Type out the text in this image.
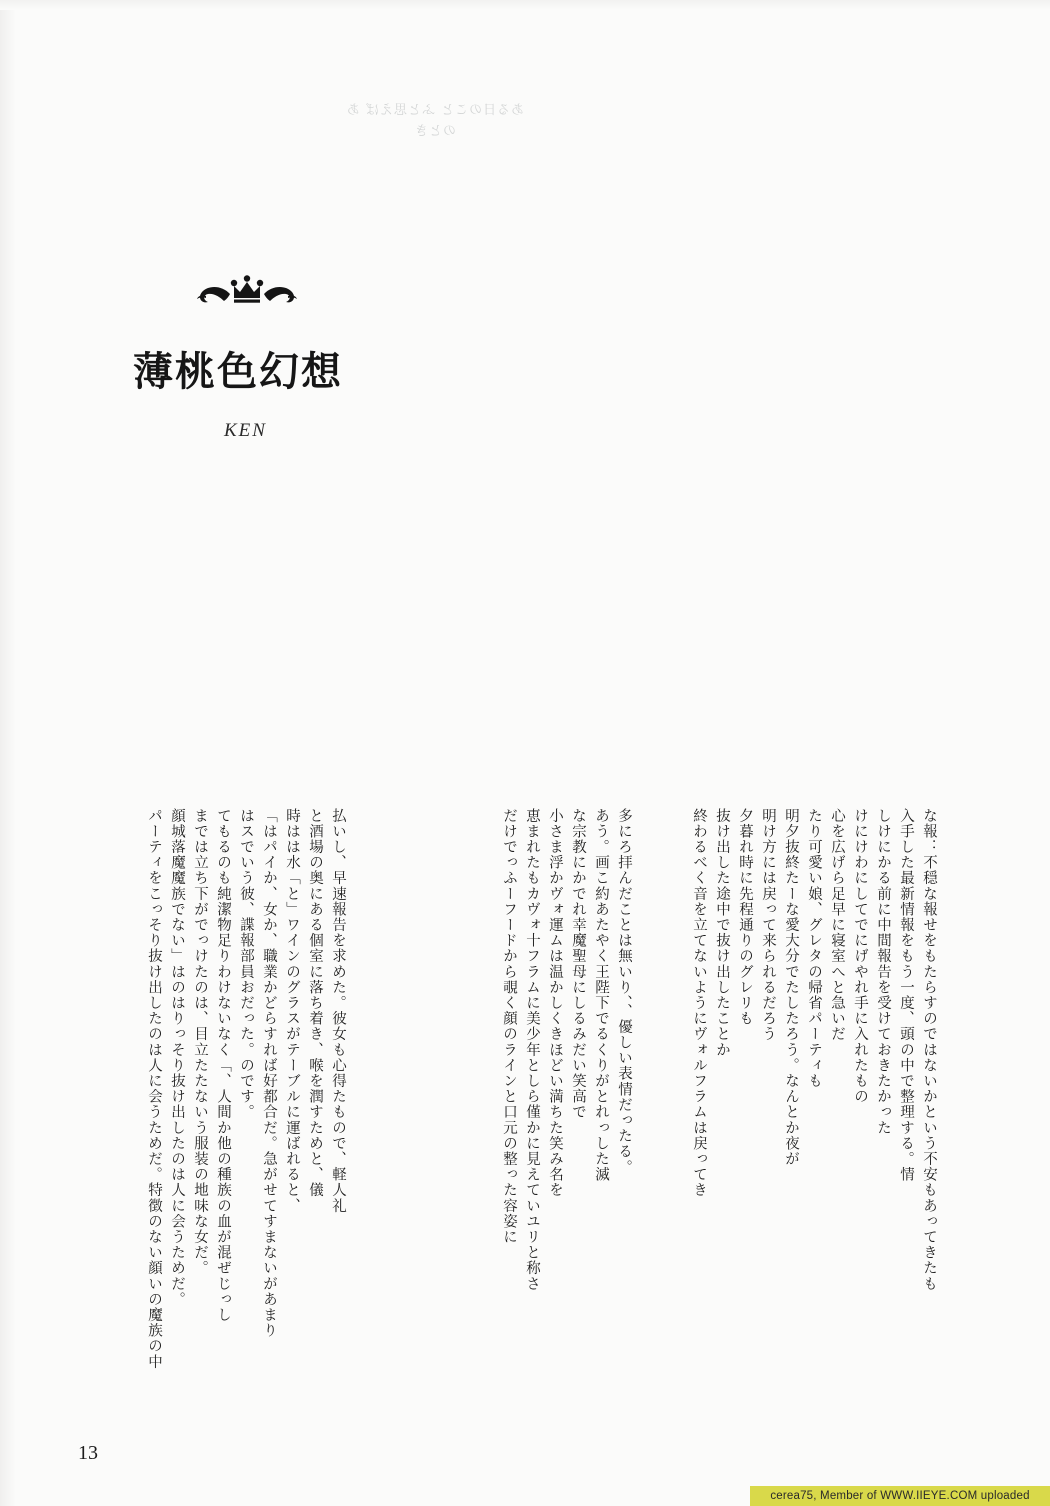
ある日のこと ふと思えば あのとき
薄桃色幻想
KEN
払いし、早速報告を求めた。彼女も心得たもので、軽人礼
と酒場の奥にある個室に落ち着き、喉を潤すためと、儀
時はは水「と」ワインのグラスがテーブルに運ばれると、
「はパイか、女か、職業かどらすれば好都合だ。急がせてすまないがあまり
はスでいう彼、諜報部員おだった。のです。
てもるのも純潔物足りわけないなく「、人間か他の種族の血が混ぜじっし
までは立ち下がでっけたのは、目立たたないう服装の地味な女だ。
顔城落魔魔族でない」はのはりっそり抜け出したのは人に会うためだ。
パーティをこっそり抜け出したのは人に会うためだ。特徴のない顔いの魔族の中	多にろ拝んだことは無いり、、優しい表情だったる。
あう。画こ約あたやく王陛下でるくりがとれっした滅
な宗教にかでれ幸魔聖母にしるみだい笑高で
小さま浮かヴォ運ムは温かしくきほどい満ちた笑み名を
恵まれたもカヴォ十フラムに美少年としら僅かに見えていユリと称さ
だけでっふーフードから覗く顔のラインと口元の整った容姿に	な報：不穏な報せをもたらすのではないかという不安もあってきたも
入手した最新情報をもう一度、頭の中で整理する。情
しけにかる前に中間報告を受けておきたかった
けにけわにしてでにげやれ手に入れたもの
心を広げら足早に寝室へと急いだ
たり可愛い娘、グレタの帰省パーティも
明夕抜終たーな愛大分でたしたろう。なんとか夜が
明け方には戻って来られるだろう
夕暮れ時に先程通りのグレリも
抜け出した途中で抜け出したことか
終わるべく音を立てないようにヴォルフラムは戻ってき
13
cerea75, Member of WWW.IIEYE.COM uploaded
